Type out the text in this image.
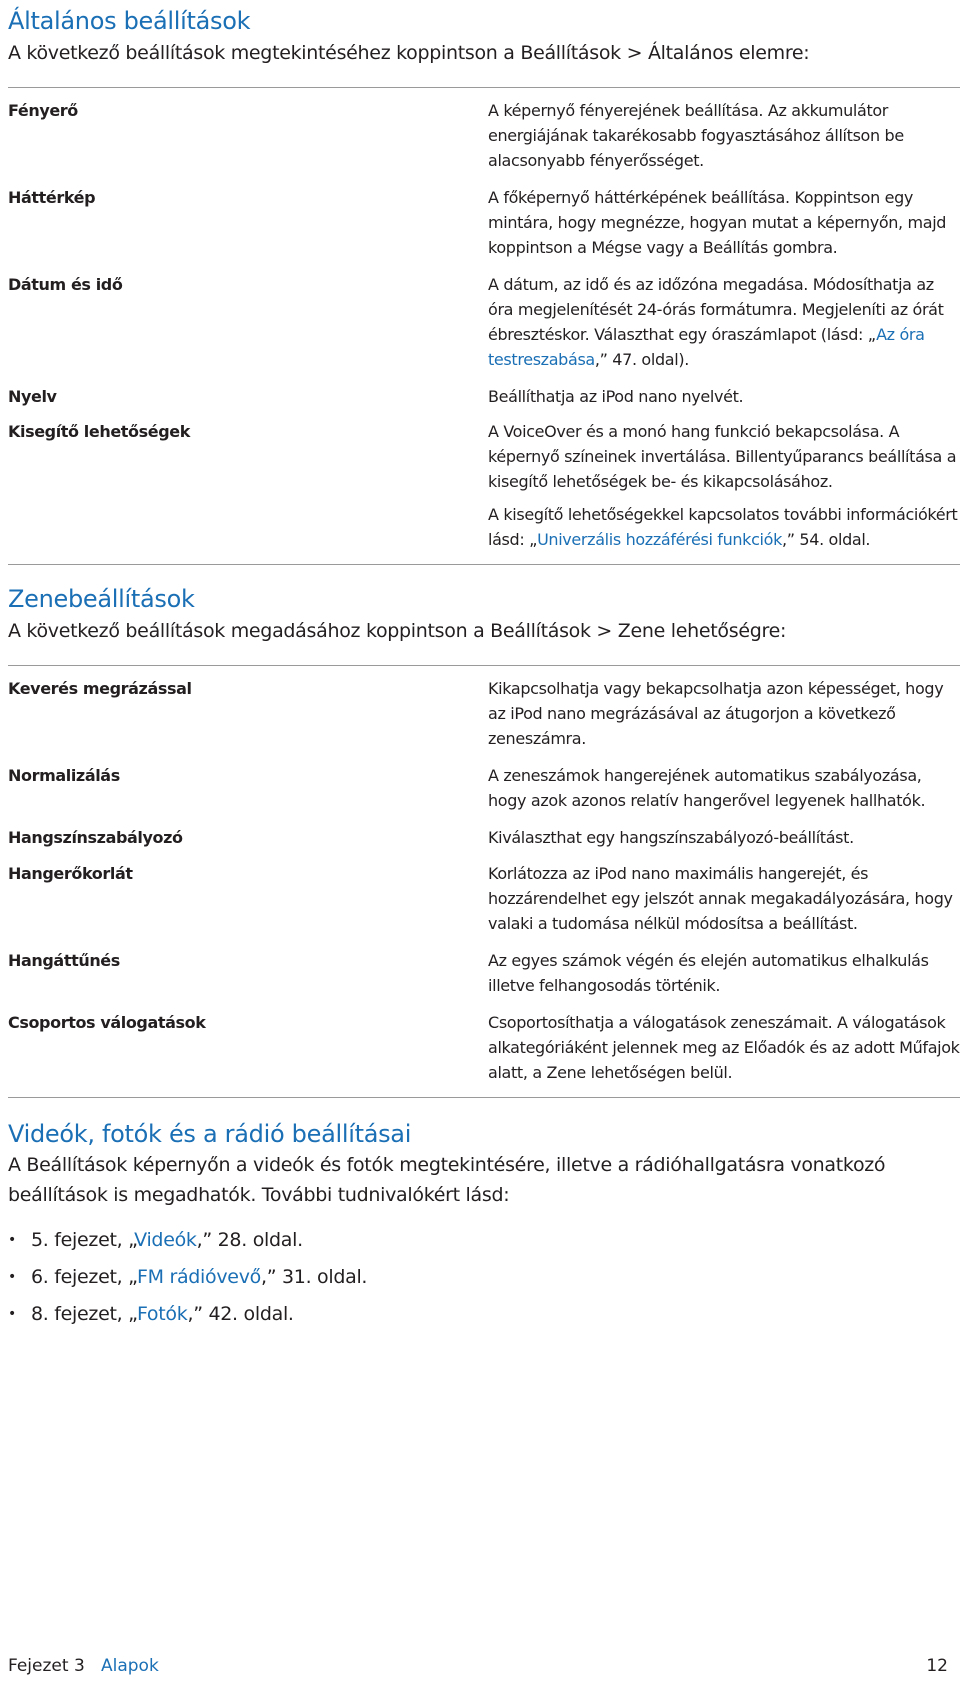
Általános beállítások

A következő beállítások megtekintéséhez koppintson a Beállítások > Általános elemre:

Fényerő	A képernyő fényerejének beállítása. Az akkumulátor energiájának takarékosabb fogyasztásához állítson be alacsonyabb fényerősséget.
Háttérkép	A főképernyő háttérképének beállítása. Koppintson egy mintára, hogy megnézze, hogyan mutat a képernyőn, majd koppintson a Mégse vagy a Beállítás gombra.
Dátum és idő	A dátum, az idő és az időzóna megadása. Módosíthatja az óra megjelenítését 24-órás formátumra. Megjeleníti az órát ébresztéskor. Választhat egy óraszámlapot (lásd: „Az óra testreszabása,” 47. oldal).
Nyelv	Beállíthatja az iPod nano nyelvét.
Kisegítő lehetőségek	A VoiceOver és a monó hang funkció bekapcsolása. A képernyő színeinek invertálása. Billentyűparancs beállítása a kisegítő lehetőségek be- és kikapcsolásához.
A kisegítő lehetőségekkel kapcsolatos további információkért lásd: „Univerzális hozzáférési funkciók,” 54. oldal.
Zenebeállítások

A következő beállítások megadásához koppintson a Beállítások > Zene lehetőségre:

Keverés megrázással	Kikapcsolhatja vagy bekapcsolhatja azon képességet, hogy az iPod nano megrázásával az átugorjon a következő zeneszámra.
Normalizálás	A zeneszámok hangerejének automatikus szabályozása, hogy azok azonos relatív hangerővel legyenek hallhatók.
Hangszínszabályozó	Kiválaszthat egy hangszínszabályozó-beállítást.
Hangerőkorlát	Korlátozza az iPod nano maximális hangerejét, és hozzárendelhet egy jelszót annak megakadályozására, hogy valaki a tudomása nélkül módosítsa a beállítást.
Hangáttűnés	Az egyes számok végén és elején automatikus elhalkulás illetve felhangosodás történik.
Csoportos válogatások	Csoportosíthatja a válogatások zeneszámait. A válogatások alkategóriáként jelennek meg az Előadók és az adott Műfajok alatt, a Zene lehetőségen belül.
Videók, fotók és a rádió beállításai

A Beállítások képernyőn a videók és fotók megtekintésére, illetve a rádióhallgatásra vonatkozó beállítások is megadhatók. További tudnivalókért lásd:

• 5. fejezet, „Videók,” 28. oldal.
• 6. fejezet, „FM rádióvevő,” 31. oldal.
• 8. fejezet, „Fotók,” 42. oldal.
Fejezet 3 Alapok	12
